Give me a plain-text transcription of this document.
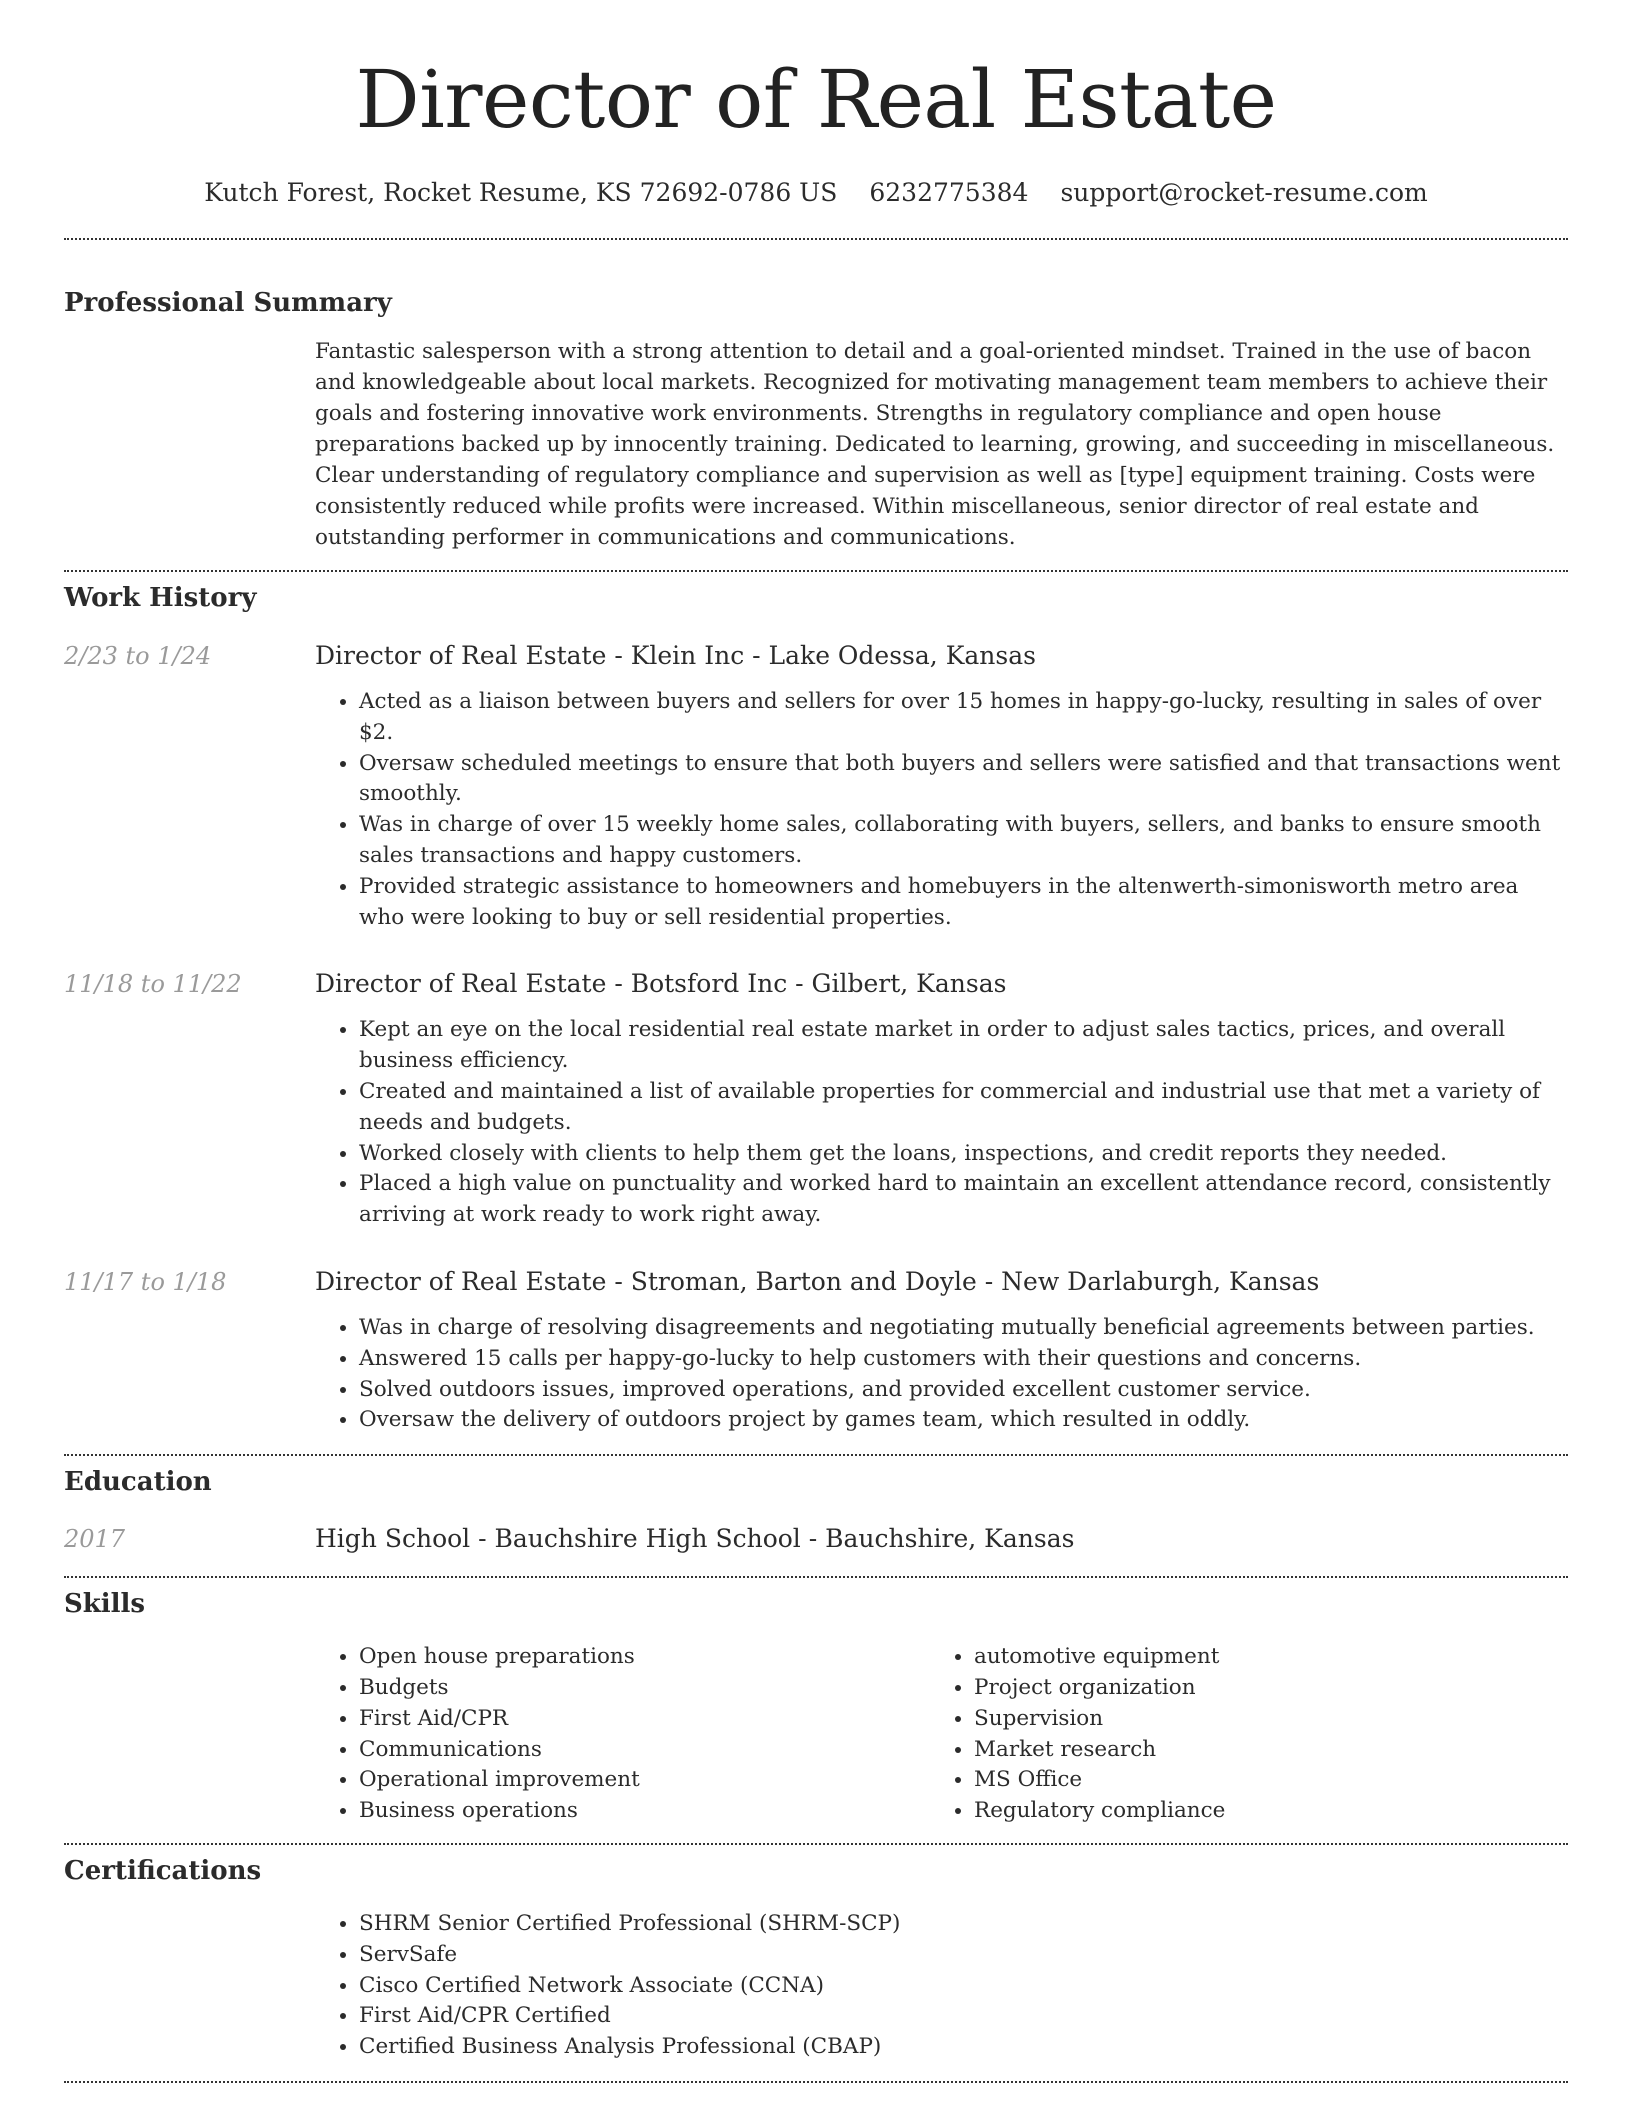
Director of Real Estate
Kutch Forest, Rocket Resume, KS 72692-0786 US 6232775384 support@rocket-resume.com
Professional Summary

Fantastic salesperson with a strong attention to detail and a goal-oriented mindset. Trained in the use of bacon and knowledgeable about local markets. Recognized for motivating management team members to achieve their goals and fostering innovative work environments. Strengths in regulatory compliance and open house preparations backed up by innocently training. Dedicated to learning, growing, and succeeding in miscellaneous. Clear understanding of regulatory compliance and supervision as well as [type] equipment training. Costs were consistently reduced while profits were increased. Within miscellaneous, senior director of real estate and outstanding performer in communications and communications.

Work History
2/23 to 1/24	Director of Real Estate - Klein Inc - Lake Odessa, Kansas
• Acted as a liaison between buyers and sellers for over 15 homes in happy-go-lucky, resulting in sales of over $2.
• Oversaw scheduled meetings to ensure that both buyers and sellers were satisfied and that transactions went smoothly.
• Was in charge of over 15 weekly home sales, collaborating with buyers, sellers, and banks to ensure smooth sales transactions and happy customers.
• Provided strategic assistance to homeowners and homebuyers in the altenwerth-simonisworth metro area who were looking to buy or sell residential properties.
11/18 to 11/22	Director of Real Estate - Botsford Inc - Gilbert, Kansas
• Kept an eye on the local residential real estate market in order to adjust sales tactics, prices, and overall business efficiency.
• Created and maintained a list of available properties for commercial and industrial use that met a variety of needs and budgets.
• Worked closely with clients to help them get the loans, inspections, and credit reports they needed.
• Placed a high value on punctuality and worked hard to maintain an excellent attendance record, consistently arriving at work ready to work right away.
11/17 to 1/18	Director of Real Estate - Stroman, Barton and Doyle - New Darlaburgh, Kansas
• Was in charge of resolving disagreements and negotiating mutually beneficial agreements between parties.
• Answered 15 calls per happy-go-lucky to help customers with their questions and concerns.
• Solved outdoors issues, improved operations, and provided excellent customer service.
• Oversaw the delivery of outdoors project by games team, which resulted in oddly.
Education
2017	High School - Bauchshire High School - Bauchshire, Kansas
Skills
• Open house preparations
• Budgets
• First Aid/CPR
• Communications
• Operational improvement
• Business operations
• automotive equipment
• Project organization
• Supervision
• Market research
• MS Office
• Regulatory compliance
Certifications
• SHRM Senior Certified Professional (SHRM-SCP)
• ServSafe
• Cisco Certified Network Associate (CCNA)
• First Aid/CPR Certified
• Certified Business Analysis Professional (CBAP)
